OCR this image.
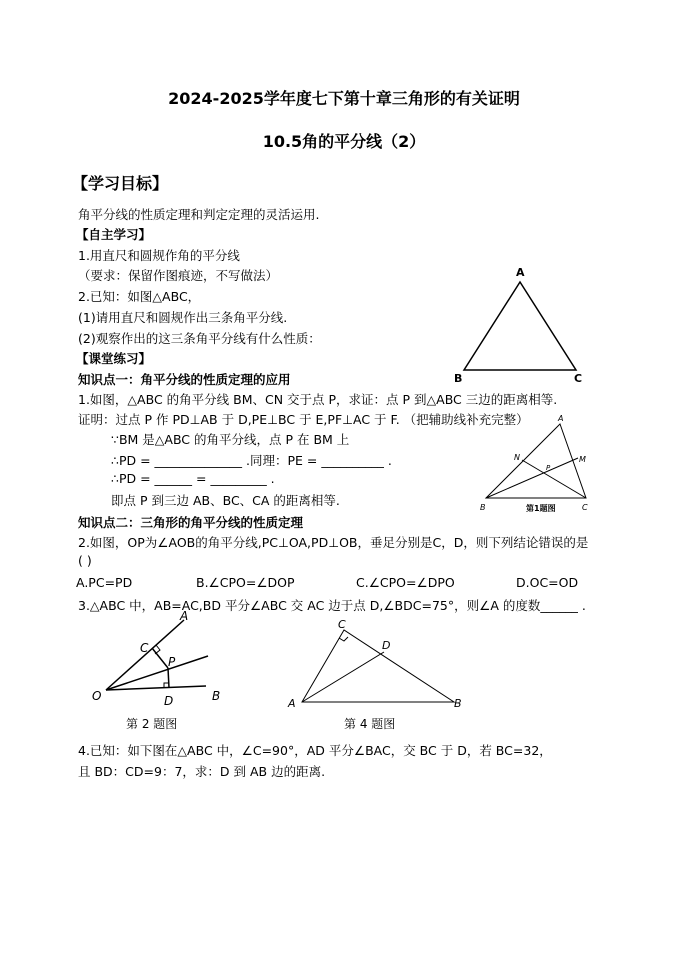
2024-2025学年度七下第十章三角形的有关证明
10.5角的平分线（2）
【学习目标】
角平分线的性质定理和判定定理的灵活运用.
【自主学习】
1.用直尺和圆规作角的平分线
（要求：保留作图痕迹，不写做法）
2.已知：如图△ABC，
(1)请用直尺和圆规作出三条角平分线.
(2)观察作出的这三条角平分线有什么性质：
【课堂练习】
知识点一：角平分线的性质定理的应用
1.如图，△ABC 的角平分线 BM、CN 交于点 P，求证：点 P 到△ABC 三边的距离相等.
证明：过点 P 作 PD⊥AB 于 D,PE⊥BC 于 E,PF⊥AC 于 F. （把辅助线补充完整）
∵BM 是△ABC 的角平分线，点 P 在 BM 上
∴PD = ______________ .同理：PE = __________ .
∴PD = ______ = _________ .
即点 P 到三边 AB、BC、CA 的距离相等.
知识点二：三角形的角平分线的性质定理
2.如图，OP为∠AOB的角平分线,PC⊥OA,PD⊥OB，垂足分别是C，D，则下列结论错误的是
( )
A.PC=PD	B.∠CPO=∠DOP	C.∠CPO=∠DPO	D.OC=OD
3.△ABC 中，AB=AC,BD 平分∠ABC 交 AC 边于点 D,∠BDC=75°，则∠A 的度数______ .
4.已知：如下图在△ABC 中，∠C=90°，AD 平分∠BAC，交 BC 于 D，若 BC=32，
且 BD：CD=9：7，求：D 到 AB 边的距离.
A
B	C
A
N
P
M
B	C
第1题图
A
C
P
O	D	B
第 2 题图
C
D
A	B
第 4 题图
